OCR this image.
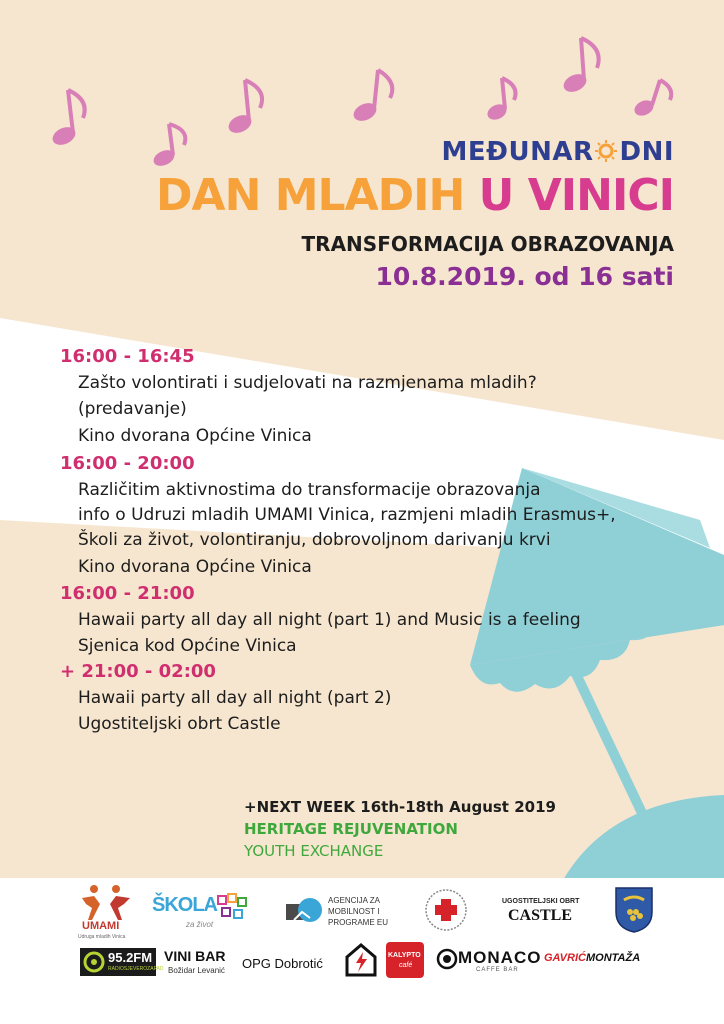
MEĐUNAR DNI
DAN MLADIH U VINICI
TRANSFORMACIJA OBRAZOVANJA
10.8.2019. od 16 sati
16:00 - 16:45
Zašto volontirati i sudjelovati na razmjenama mladih?
(predavanje)
Kino dvorana Općine Vinica
16:00 - 20:00
Različitim aktivnostima do transformacije obrazovanja
info o Udruzi mladih UMAMI Vinica, razmjeni mladih Erasmus+,
Školi za život, volontiranju, dobrovoljnom darivanju krvi
Kino dvorana Općine Vinica
16:00 - 21:00
Hawaii party all day all night (part 1) and Music is a feeling
Sjenica kod Općine Vinica
+ 21:00 - 02:00
Hawaii party all day all night (part 2)
Ugostiteljski obrt Castle
+NEXT WEEK 16th-18th August 2019
HERITAGE REJUVENATION
YOUTH EXCHANGE
UMAMI
Udruga mladih Vinica
ŠKOLA
za život
AGENCIJA ZA
MOBILNOST I
PROGRAME EU
UGOSTITELJSKI OBRT
CASTLE
95.2FM
RADIOSJEVEROZAPAD
VINI BAR
Božidar Levanić OPG Dobrotić
KALYPTO
café	MONACO
CAFFE BAR
GAVRIĆMONTAŽA
